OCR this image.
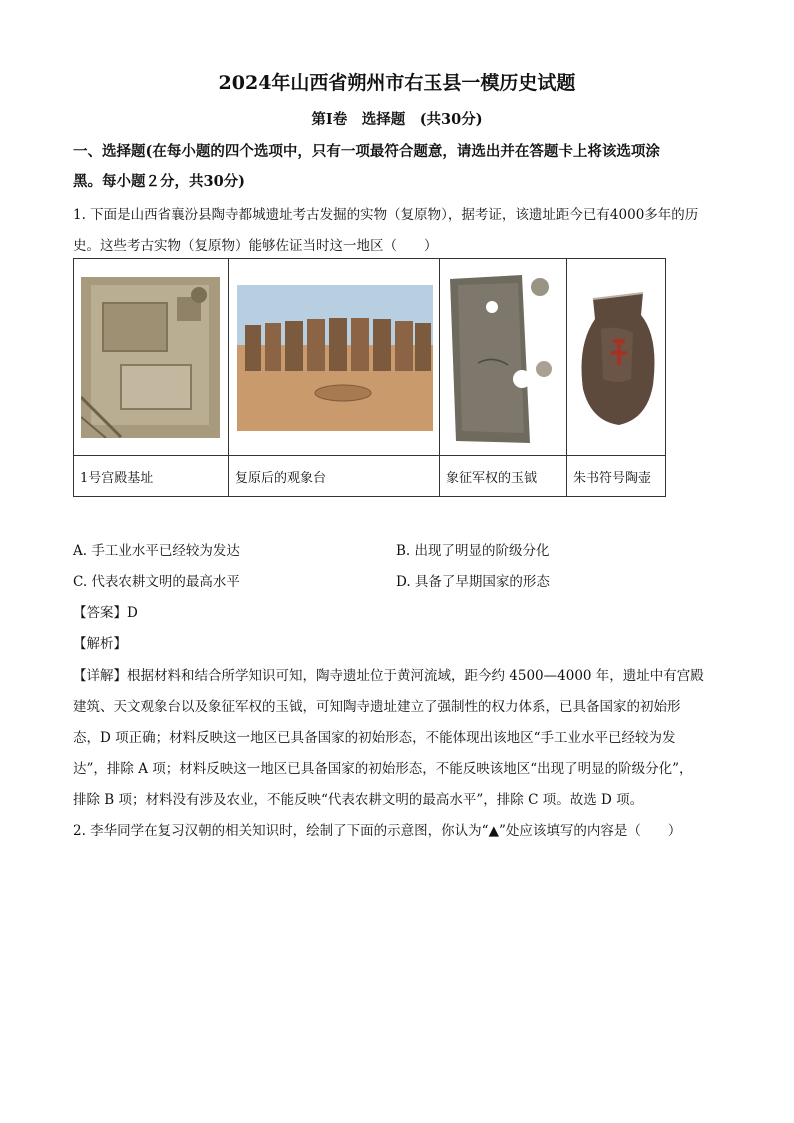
2024年山西省朔州市右玉县一模历史试题
第Ⅰ卷　选择题　(共30分)
一、选择题(在每小题的四个选项中，只有一项最符合题意，请选出并在答题卡上将该选项涂
黑。每小题２分，共30分)
1. 下面是山西省襄汾县陶寺都城遗址考古发掘的实物（复原物），据考证，该遗址距今已有4000多年的历
史。这些考古实物（复原物）能够佐证当时这一地区（　　）

1号宫殿基址	复原后的观象台	象征军权的玉钺	朱书符号陶壶
A. 手工业水平已经较为发达	B. 出现了明显的阶级分化
C. 代表农耕文明的最高水平	D. 具备了早期国家的形态
【答案】D
【解析】
【详解】根据材料和结合所学知识可知，陶寺遗址位于黄河流域，距今约 4500—4000 年，遗址中有宫殿
建筑、天文观象台以及象征军权的玉钺，可知陶寺遗址建立了强制性的权力体系，已具备国家的初始形
态，D 项正确；材料反映这一地区已具备国家的初始形态，不能体现出该地区“手工业水平已经较为发
达”，排除 A 项；材料反映这一地区已具备国家的初始形态，不能反映该地区“出现了明显的阶级分化”，
排除 B 项；材料没有涉及农业，不能反映“代表农耕文明的最高水平”，排除 C 项。故选 D 项。
2. 李华同学在复习汉朝的相关知识时，绘制了下面的示意图，你认为“▲”处应该填写的内容是（　　）
